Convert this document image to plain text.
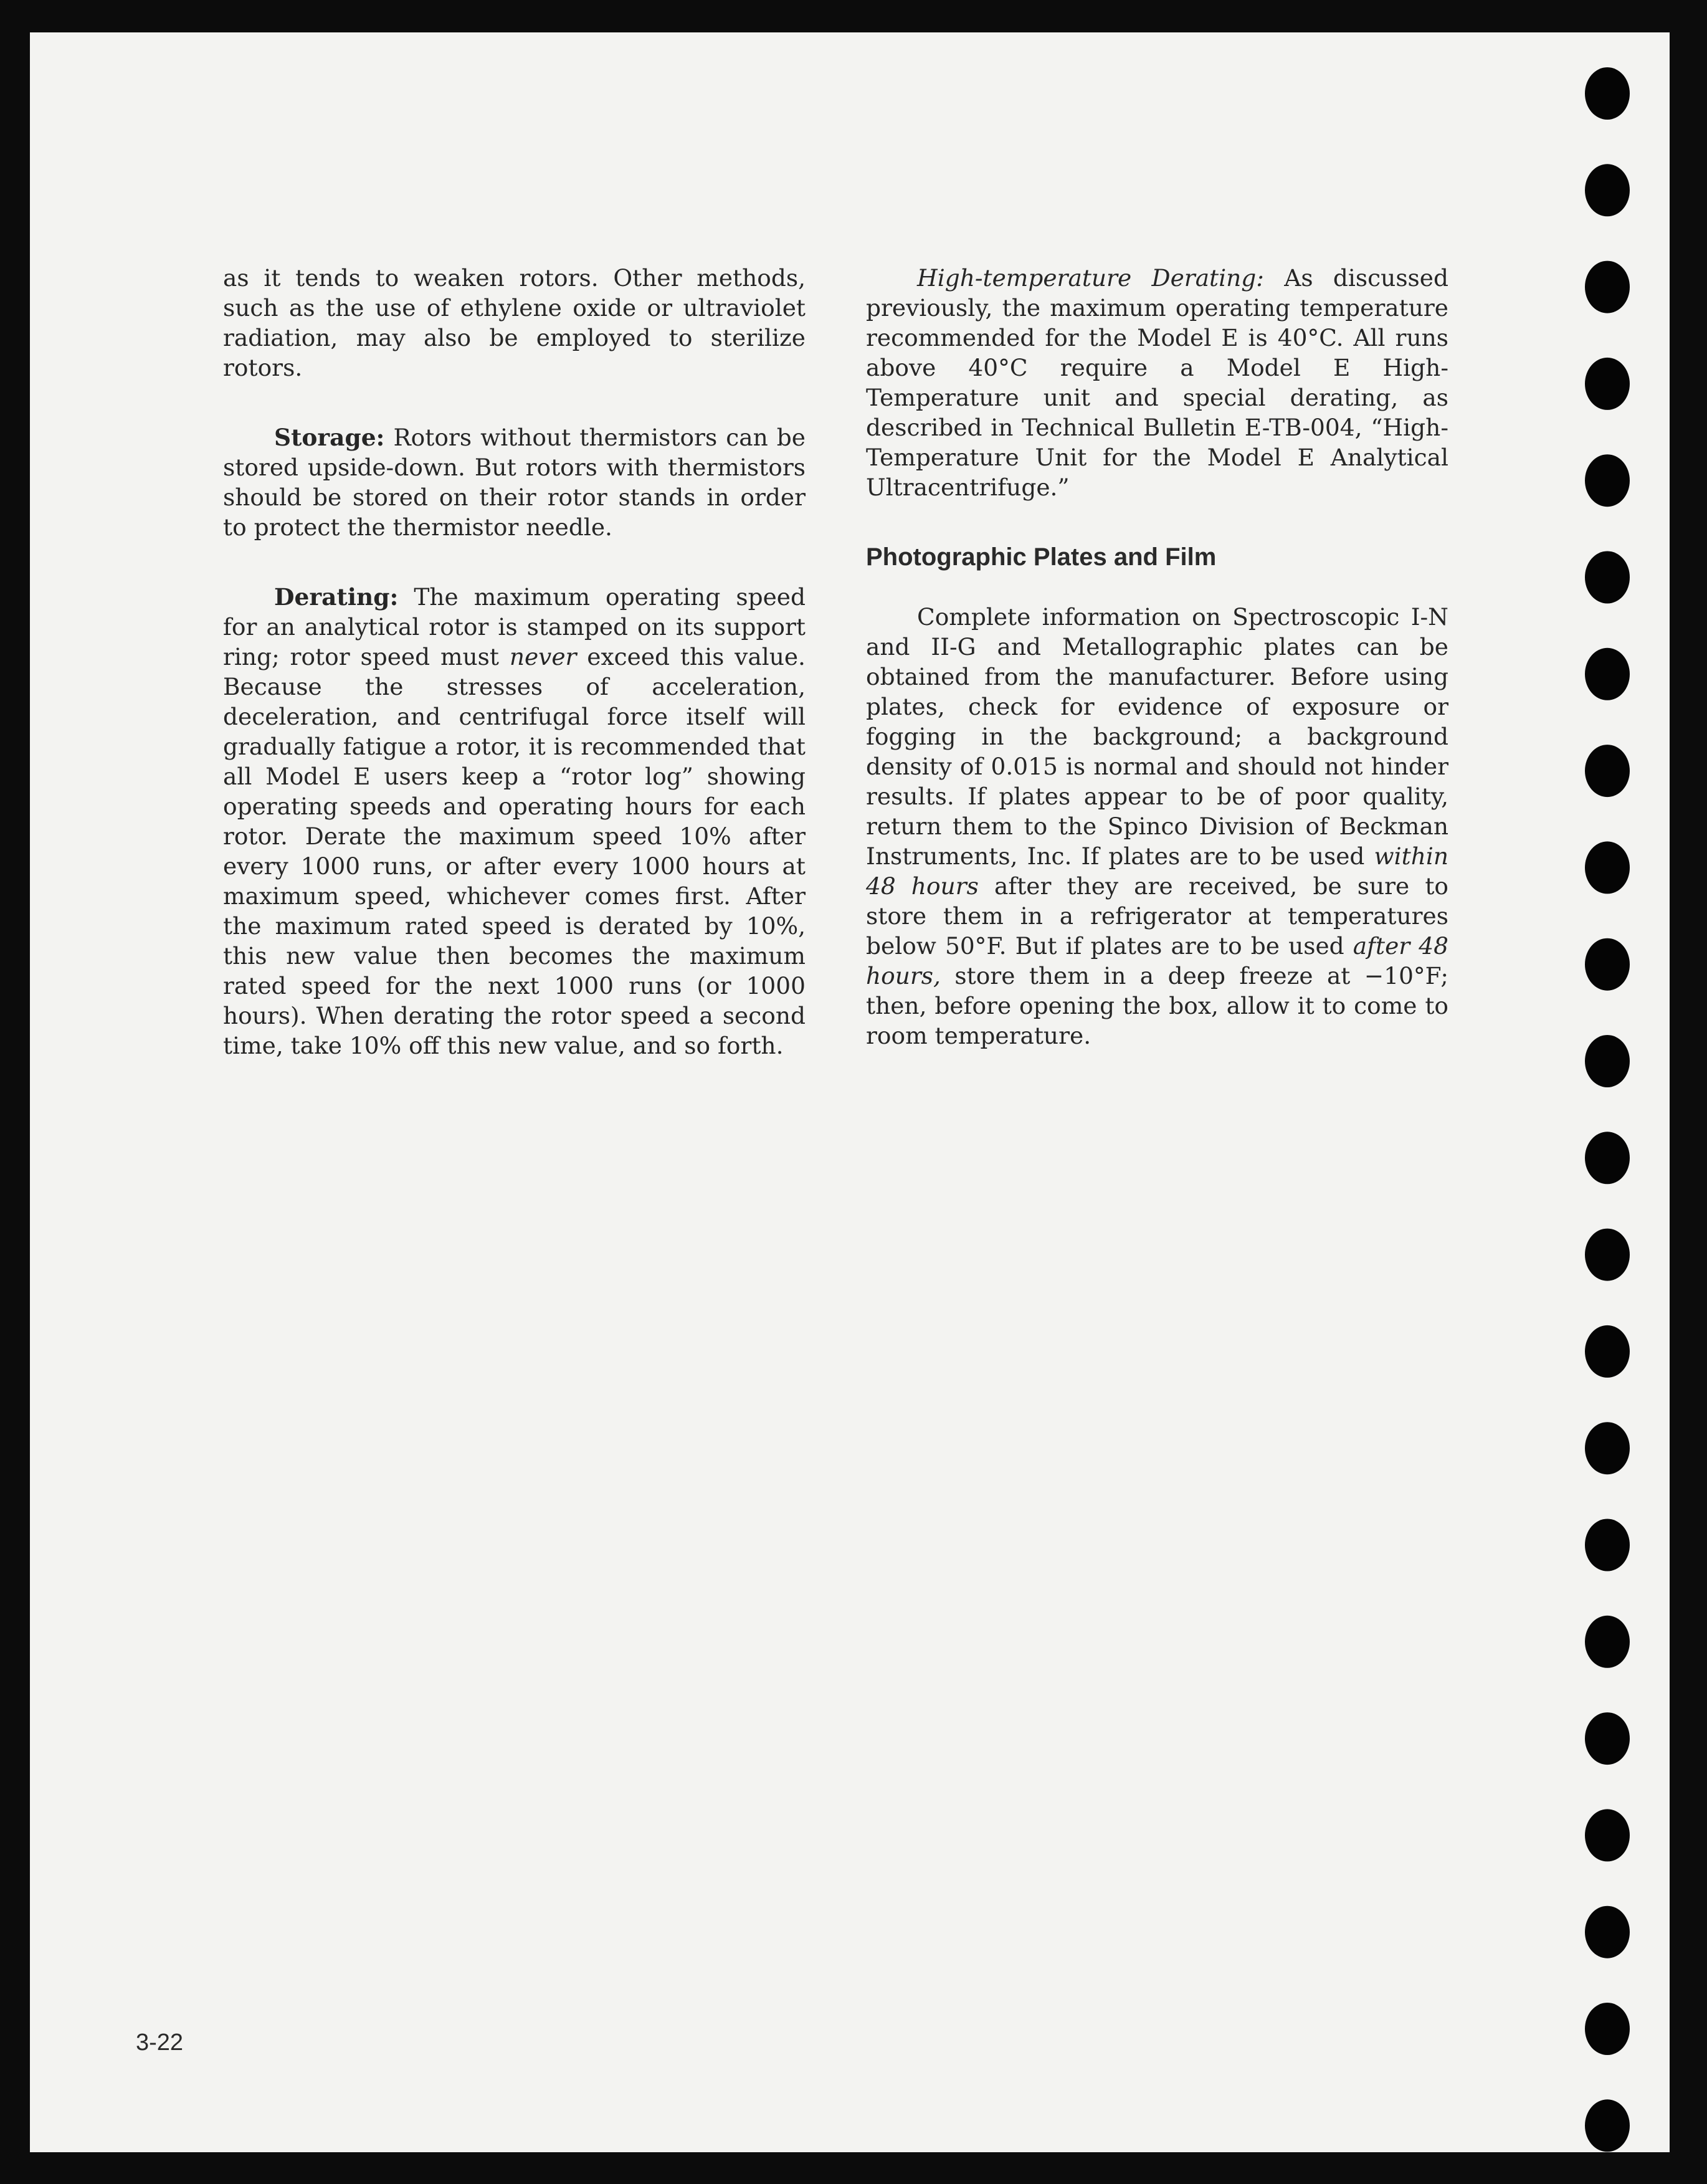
as it tends to weaken rotors. Other methods, such as the use of ethylene oxide or ultraviolet radiation, may also be employed to sterilize rotors.

Storage: Rotors without thermistors can be stored upside-down. But rotors with thermistors should be stored on their rotor stands in order to protect the thermistor needle.

Derating: The maximum operating speed for an analytical rotor is stamped on its support ring; rotor speed must never exceed this value. Because the stresses of acceleration, deceleration, and centrifugal force itself will gradually fatigue a rotor, it is recommended that all Model E users keep a “rotor log” showing operating speeds and operating hours for each rotor. Derate the maximum speed 10% after every 1000 runs, or after every 1000 hours at maximum speed, whichever comes first. After the maximum rated speed is derated by 10%, this new value then becomes the maximum rated speed for the next 1000 runs (or 1000 hours). When derating the rotor speed a second time, take 10% off this new value, and so forth.

High-temperature Derating: As discussed previously, the maximum operating temperature recommended for the Model E is 40°C. All runs above 40°C require a Model E High-Temperature unit and special derating, as described in Technical Bulletin E-TB-004, “High-Temperature Unit for the Model E Analytical Ultracentrifuge.”

Photographic Plates and Film

Complete information on Spectroscopic I-N and II-G and Metallographic plates can be obtained from the manufacturer. Before using plates, check for evidence of exposure or fogging in the background; a background density of 0.015 is normal and should not hinder results. If plates appear to be of poor quality, return them to the Spinco Division of Beckman Instruments, Inc. If plates are to be used within 48 hours after they are received, be sure to store them in a refrigerator at temperatures below 50°F. But if plates are to be used after 48 hours, store them in a deep freeze at −10°F; then, before opening the box, allow it to come to room temperature.

3-22
